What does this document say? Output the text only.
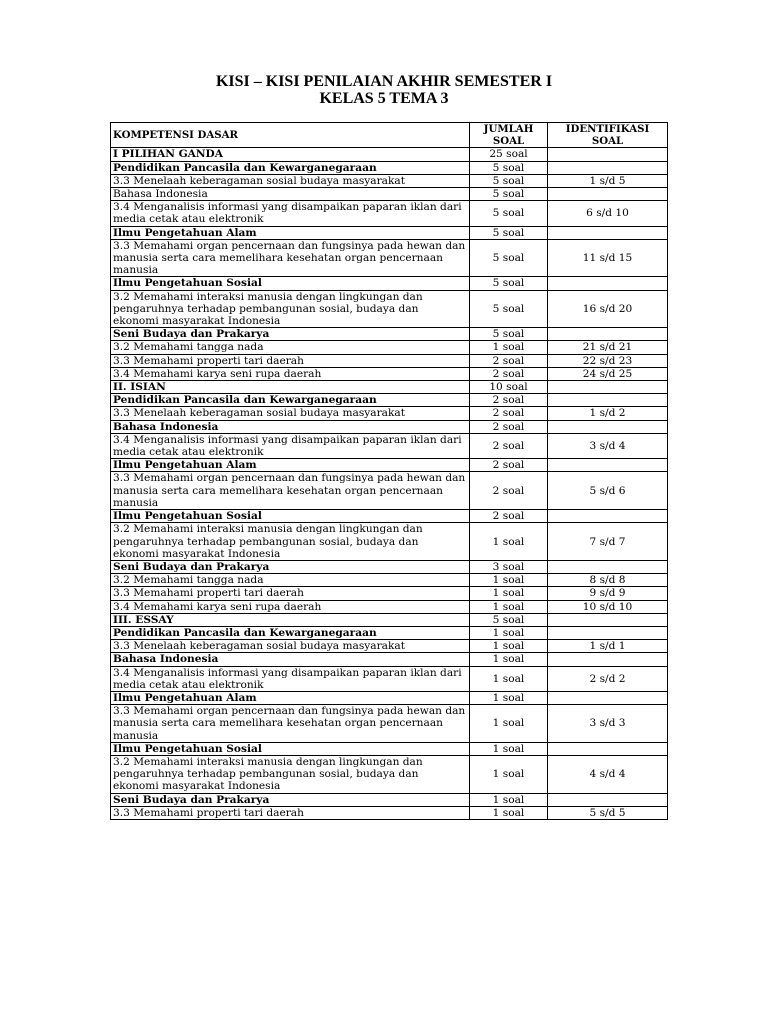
KISI – KISI PENILAIAN AKHIR SEMESTER I
KELAS 5 TEMA 3
KOMPETENSI DASAR	JUMLAH SOAL	IDENTIFIKASI SOAL
I PILIHAN GANDA	25 soal	
Pendidikan Pancasila dan Kewarganegaraan	5 soal	
3.3 Menelaah keberagaman sosial budaya masyarakat	5 soal	1 s/d 5
Bahasa Indonesia	5 soal	
3.4 Menganalisis informasi yang disampaikan paparan iklan dari media cetak atau elektronik	5 soal	6 s/d 10
Ilmu Pengetahuan Alam	5 soal	
3.3 Memahami organ pencernaan dan fungsinya pada hewan dan manusia serta cara memelihara kesehatan organ pencernaan manusia	5 soal	11 s/d 15
Ilmu Pengetahuan Sosial	5 soal	
3.2 Memahami interaksi manusia dengan lingkungan dan pengaruhnya terhadap pembangunan sosial, budaya dan ekonomi masyarakat Indonesia	5 soal	16 s/d 20
Seni Budaya dan Prakarya	5 soal	
3.2 Memahami tangga nada	1 soal	21 s/d 21
3.3 Memahami properti tari daerah	2 soal	22 s/d 23
3.4 Memahami karya seni rupa daerah	2 soal	24 s/d 25
II. ISIAN	10 soal	
Pendidikan Pancasila dan Kewarganegaraan	2 soal	
3.3 Menelaah keberagaman sosial budaya masyarakat	2 soal	1 s/d 2
Bahasa Indonesia	2 soal	
3.4 Menganalisis informasi yang disampaikan paparan iklan dari media cetak atau elektronik	2 soal	3 s/d 4
Ilmu Pengetahuan Alam	2 soal	
3.3 Memahami organ pencernaan dan fungsinya pada hewan dan manusia serta cara memelihara kesehatan organ pencernaan manusia	2 soal	5 s/d 6
Ilmu Pengetahuan Sosial	2 soal	
3.2 Memahami interaksi manusia dengan lingkungan dan pengaruhnya terhadap pembangunan sosial, budaya dan ekonomi masyarakat Indonesia	1 soal	7 s/d 7
Seni Budaya dan Prakarya	3 soal	
3.2 Memahami tangga nada	1 soal	8 s/d 8
3.3 Memahami properti tari daerah	1 soal	9 s/d 9
3.4 Memahami karya seni rupa daerah	1 soal	10 s/d 10
III. ESSAY	5 soal	
Pendidikan Pancasila dan Kewarganegaraan	1 soal	
3.3 Menelaah keberagaman sosial budaya masyarakat	1 soal	1 s/d 1
Bahasa Indonesia	1 soal	
3.4 Menganalisis informasi yang disampaikan paparan iklan dari media cetak atau elektronik	1 soal	2 s/d 2
Ilmu Pengetahuan Alam	1 soal	
3.3 Memahami organ pencernaan dan fungsinya pada hewan dan manusia serta cara memelihara kesehatan organ pencernaan manusia	1 soal	3 s/d 3
Ilmu Pengetahuan Sosial	1 soal	
3.2 Memahami interaksi manusia dengan lingkungan dan pengaruhnya terhadap pembangunan sosial, budaya dan ekonomi masyarakat Indonesia	1 soal	4 s/d 4
Seni Budaya dan Prakarya	1 soal	
3.3 Memahami properti tari daerah	1 soal	5 s/d 5
